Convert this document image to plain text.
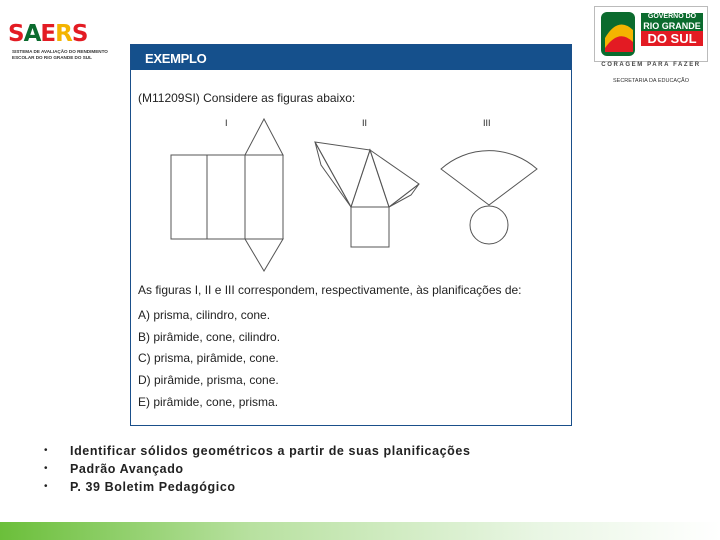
S A E R S
SISTEMA DE AVALIAÇÃO DO RENDIMENTO ESCOLAR DO RIO GRANDE DO SUL
GOVERNO DO
RIO GRANDE
DO SUL
CORAGEM PARA FAZER
SECRETARIA DA EDUCAÇÃO
EXEMPLO
(M11209SI) Considere as figuras abaixo:
I	II	III
As figuras I, II e III correspondem, respectivamente, às planificações de:
A) prisma, cilindro, cone.
B) pirâmide, cone, cilindro.
C) prisma, pirâmide, cone.
D) pirâmide, prisma, cone.
E) pirâmide, cone, prisma.
• Identificar sólidos geométricos a partir de suas planificações
• Padrão Avançado
• P. 39 Boletim Pedagógico
